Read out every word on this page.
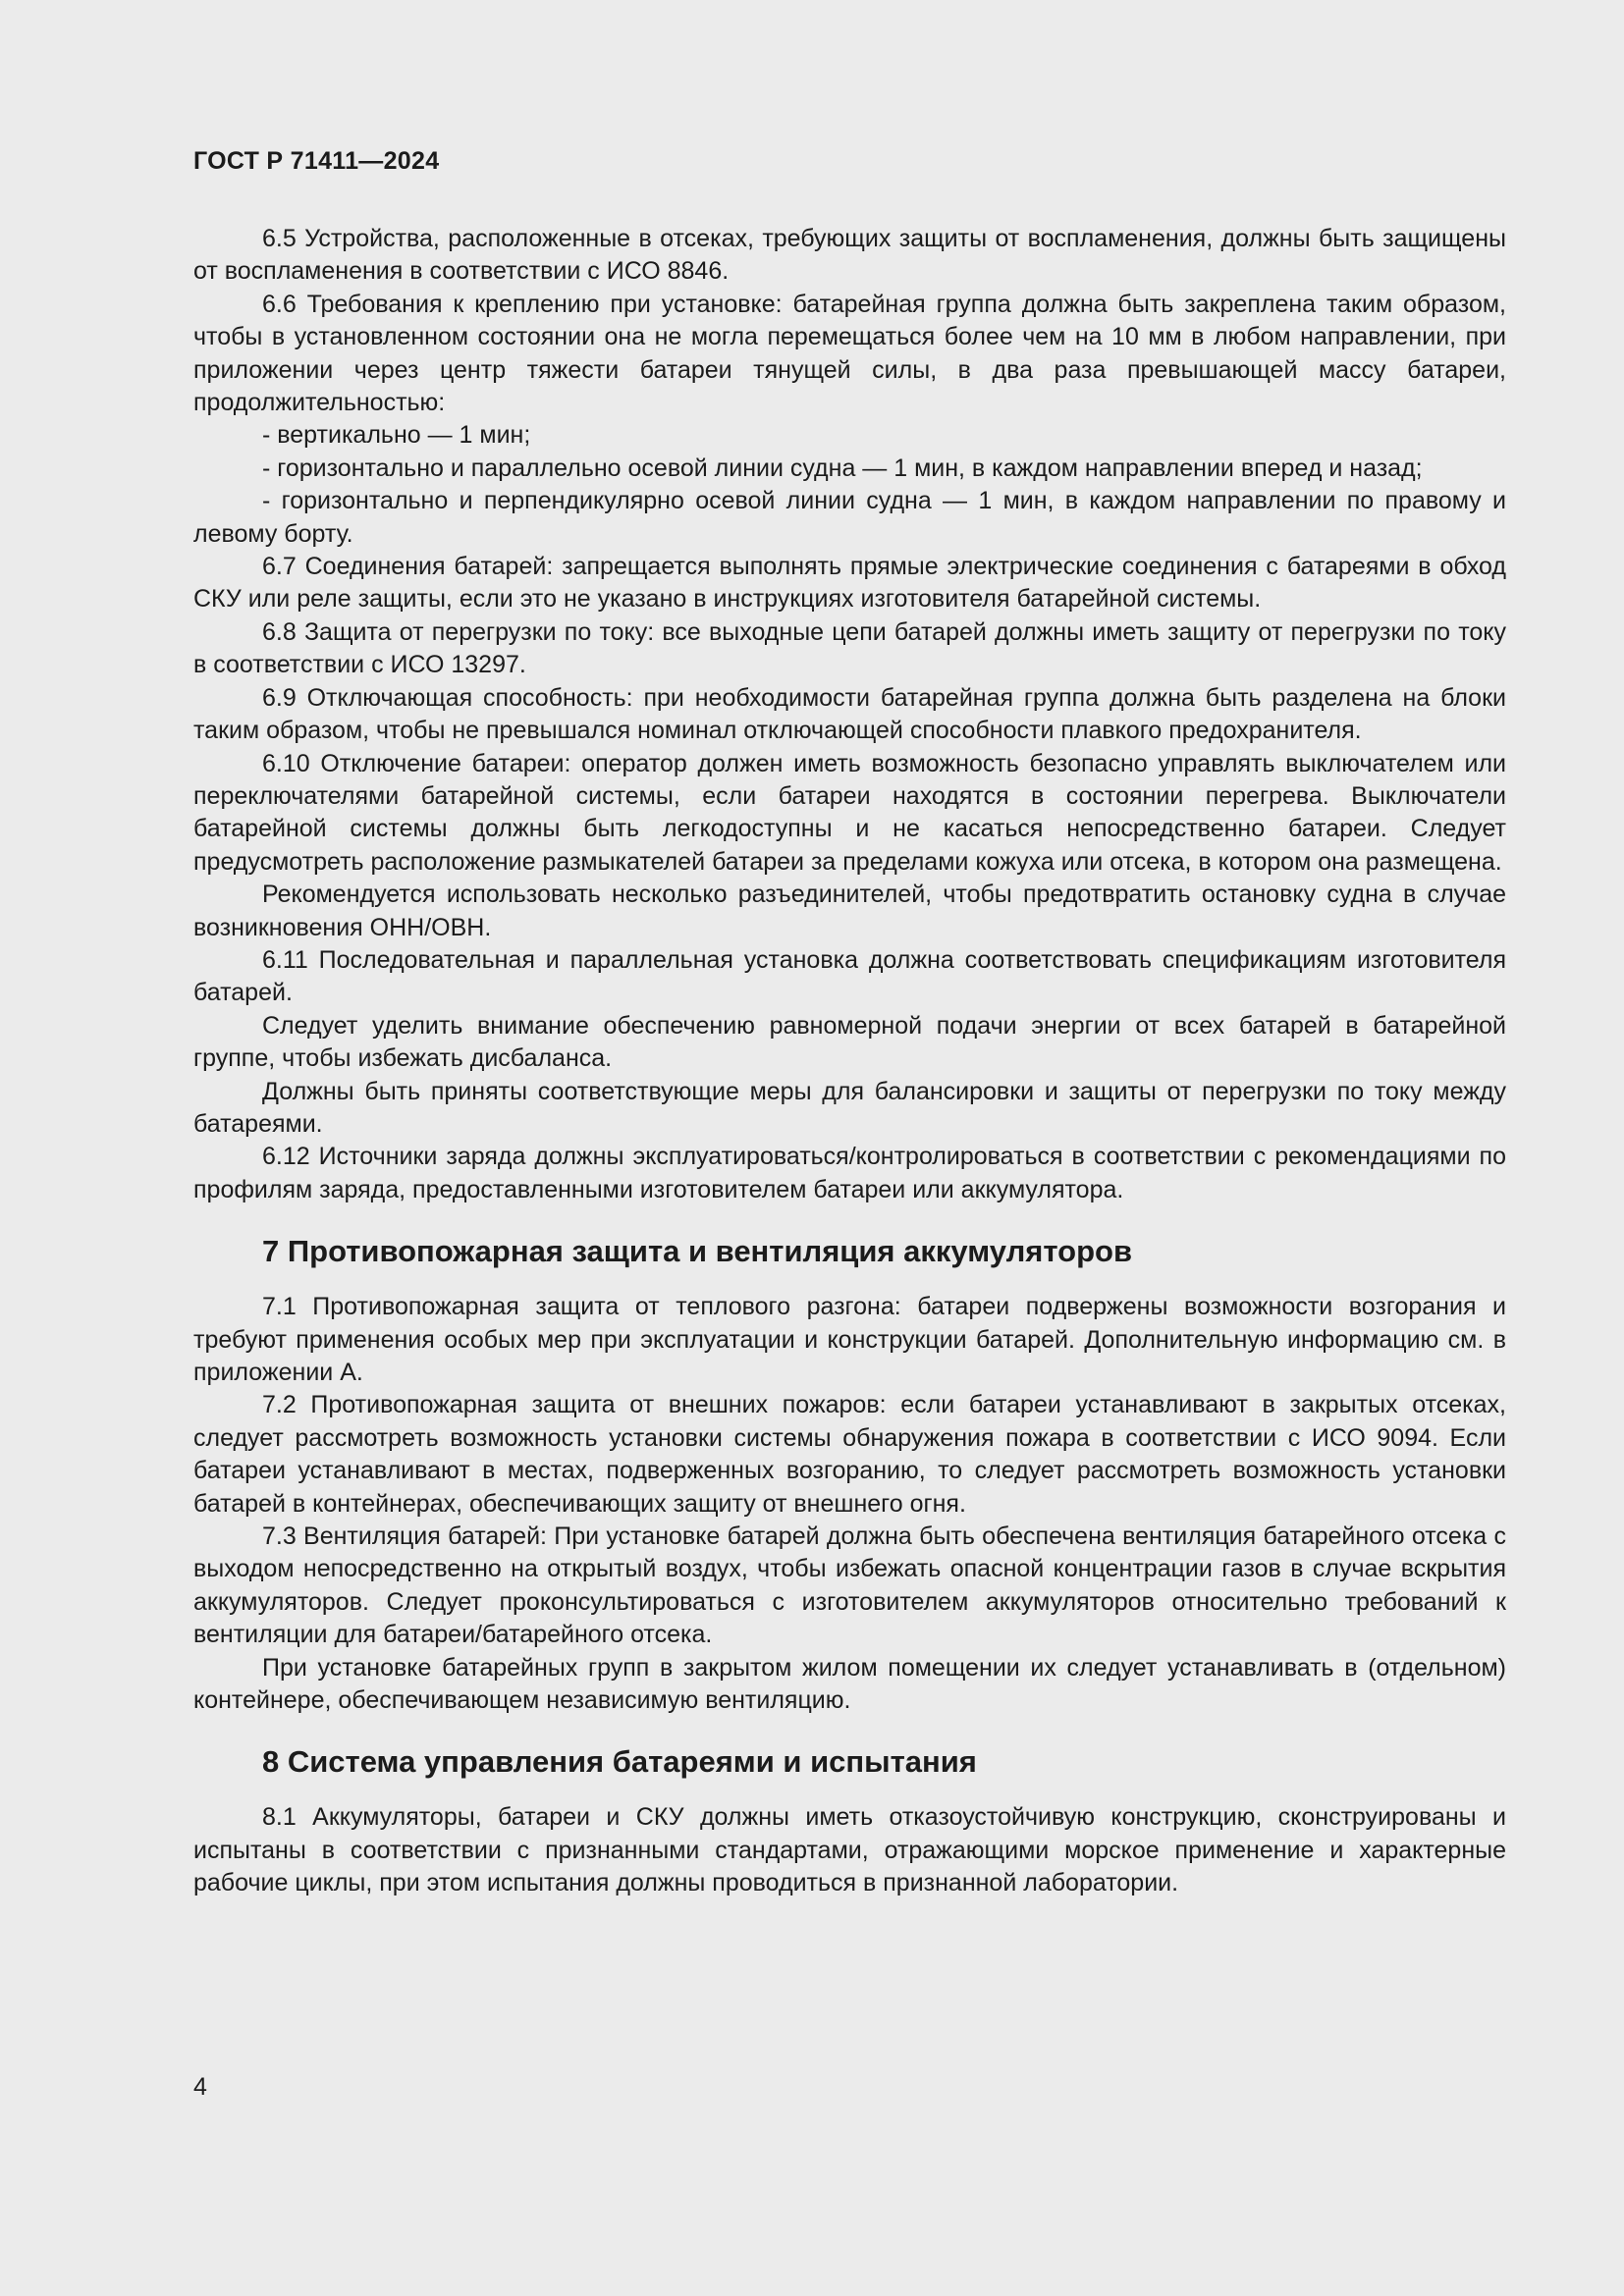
ГОСТ Р 71411—2024

6.5 Устройства, расположенные в отсеках, требующих защиты от воспламенения, должны быть защищены от воспламенения в соответствии с ИСО 8846.

6.6 Требования к креплению при установке: батарейная группа должна быть закреплена таким образом, чтобы в установленном состоянии она не могла перемещаться более чем на 10 мм в любом направлении, при приложении через центр тяжести батареи тянущей силы, в два раза превышающей массу батареи, продолжительностью:

- вертикально — 1 мин;

- горизонтально и параллельно осевой линии судна — 1 мин, в каждом направлении вперед и назад;

- горизонтально и перпендикулярно осевой линии судна — 1 мин, в каждом направлении по правому и левому борту.

6.7 Соединения батарей: запрещается выполнять прямые электрические соединения с батареями в обход СКУ или реле защиты, если это не указано в инструкциях изготовителя батарейной системы.

6.8 Защита от перегрузки по току: все выходные цепи батарей должны иметь защиту от перегрузки по току в соответствии с ИСО 13297.

6.9 Отключающая способность: при необходимости батарейная группа должна быть разделена на блоки таким образом, чтобы не превышался номинал отключающей способности плавкого предохранителя.

6.10 Отключение батареи: оператор должен иметь возможность безопасно управлять выключателем или переключателями батарейной системы, если батареи находятся в состоянии перегрева. Выключатели батарейной системы должны быть легкодоступны и не касаться непосредственно батареи. Следует предусмотреть расположение размыкателей батареи за пределами кожуха или отсека, в котором она размещена.

Рекомендуется использовать несколько разъединителей, чтобы предотвратить остановку судна в случае возникновения ОНН/ОВН.

6.11 Последовательная и параллельная установка должна соответствовать спецификациям изготовителя батарей.

Следует уделить внимание обеспечению равномерной подачи энергии от всех батарей в батарейной группе, чтобы избежать дисбаланса.

Должны быть приняты соответствующие меры для балансировки и защиты от перегрузки по току между батареями.

6.12 Источники заряда должны эксплуатироваться/контролироваться в соответствии с рекомендациями по профилям заряда, предоставленными изготовителем батареи или аккумулятора.

7 Противопожарная защита и вентиляция аккумуляторов

7.1 Противопожарная защита от теплового разгона: батареи подвержены возможности возгорания и требуют применения особых мер при эксплуатации и конструкции батарей. Дополнительную информацию см. в приложении А.

7.2 Противопожарная защита от внешних пожаров: если батареи устанавливают в закрытых отсеках, следует рассмотреть возможность установки системы обнаружения пожара в соответствии с ИСО 9094. Если батареи устанавливают в местах, подверженных возгоранию, то следует рассмотреть возможность установки батарей в контейнерах, обеспечивающих защиту от внешнего огня.

7.3 Вентиляция батарей: При установке батарей должна быть обеспечена вентиляция батарейного отсека с выходом непосредственно на открытый воздух, чтобы избежать опасной концентрации газов в случае вскрытия аккумуляторов. Следует проконсультироваться с изготовителем аккумуляторов относительно требований к вентиляции для батареи/батарейного отсека.

При установке батарейных групп в закрытом жилом помещении их следует устанавливать в (отдельном) контейнере, обеспечивающем независимую вентиляцию.

8 Система управления батареями и испытания

8.1 Аккумуляторы, батареи и СКУ должны иметь отказоустойчивую конструкцию, сконструированы и испытаны в соответствии с признанными стандартами, отражающими морское применение и характерные рабочие циклы, при этом испытания должны проводиться в признанной лаборатории.

4
